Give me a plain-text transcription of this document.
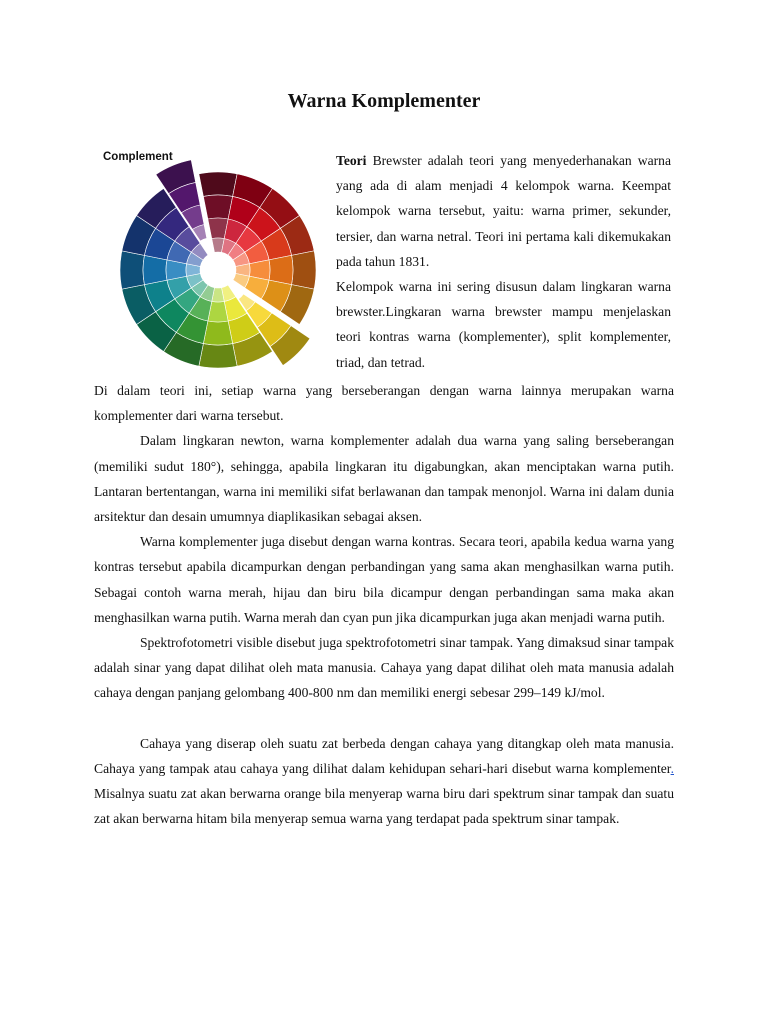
Warna Komplementer
Complement	Teori Brewster adalah teori yang menyederhanakan warna yang ada di alam menjadi 4 kelompok warna. Keempat kelompok warna tersebut, yaitu: warna primer, sekunder, tersier, dan warna netral. Teori ini pertama kali dikemukakan pada tahun 1831.

Kelompok warna ini sering disusun dalam lingkaran warna brewster.Lingkaran warna brewster mampu menjelaskan teori kontras warna (komplementer), split komplementer, triad, dan tetrad.

Di dalam teori ini, setiap warna yang berseberangan dengan warna lainnya merupakan warna komplementer dari warna tersebut.

Dalam lingkaran newton, warna komplementer adalah dua warna yang saling berseberangan (memiliki sudut 180°), sehingga, apabila lingkaran itu digabungkan, akan menciptakan warna putih. Lantaran bertentangan, warna ini memiliki sifat berlawanan dan tampak menonjol. Warna ini dalam dunia arsitektur dan desain umumnya diaplikasikan sebagai aksen.

Warna komplementer juga disebut dengan warna kontras. Secara teori, apabila kedua warna yang kontras tersebut apabila dicampurkan dengan perbandingan yang sama akan menghasilkan warna putih. Sebagai contoh warna merah, hijau dan biru bila dicampur dengan perbandingan sama maka akan menghasilkan warna putih. Warna merah dan cyan pun jika dicampurkan juga akan menjadi warna putih.

Spektrofotometri visible disebut juga spektrofotometri sinar tampak. Yang dimaksud sinar tampak adalah sinar yang dapat dilihat oleh mata manusia. Cahaya yang dapat dilihat oleh mata manusia adalah cahaya dengan panjang gelombang 400-800 nm dan memiliki energi sebesar 299–149 kJ/mol.

Cahaya yang diserap oleh suatu zat berbeda dengan cahaya yang ditangkap oleh mata manusia. Cahaya yang tampak atau cahaya yang dilihat dalam kehidupan sehari-hari disebut warna komplementer. Misalnya suatu zat akan berwarna orange bila menyerap warna biru dari spektrum sinar tampak dan suatu zat akan berwarna hitam bila menyerap semua warna yang terdapat pada spektrum sinar tampak.
